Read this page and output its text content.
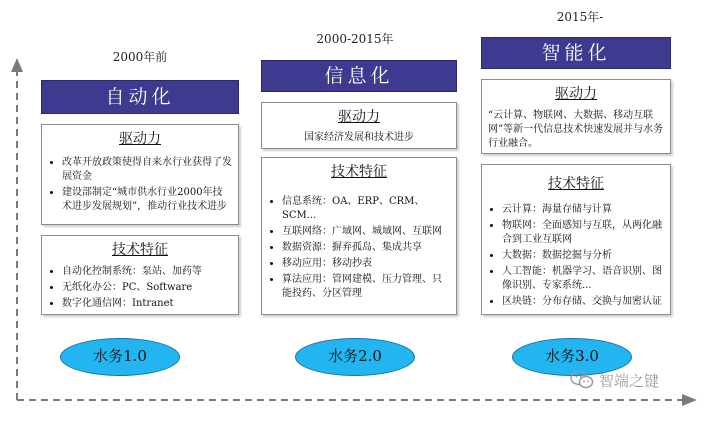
2000年前
自动化
驱动力
• 改革开放政策使得自来水行业获得了发展资金
• 建设部制定“城市供水行业2000年技术进步发展规划”，推动行业技术进步
技术特征
• 自动化控制系统：泵站、加药等
• 无纸化办公：PC、Software
• 数字化通信网：Intranet
水务1.0
2000-2015年
信息化
驱动力
国家经济发展和技术进步
技术特征
• 信息系统：OA、ERP、CRM、SCM...
• 互联网络：广域网、城域网、互联网
• 数据资源：摒弃孤岛、集成共享
• 移动应用：移动抄表
• 算法应用：管网建模、压力管理、只能投药、分区管理
水务2.0
2015年-
智能化
驱动力
“云计算、物联网、大数据、移动互联网”等新一代信息技术快速发展并与水务行业融合。
技术特征
• 云计算：海量存储与计算
• 物联网：全面感知与互联，从两化融合到工业互联网
• 大数据：数据挖掘与分析
• 人工智能：机器学习、语音识别、图像识别、专家系统...
• 区块链：分布存储、交换与加密认证
水务3.0
智端之键
